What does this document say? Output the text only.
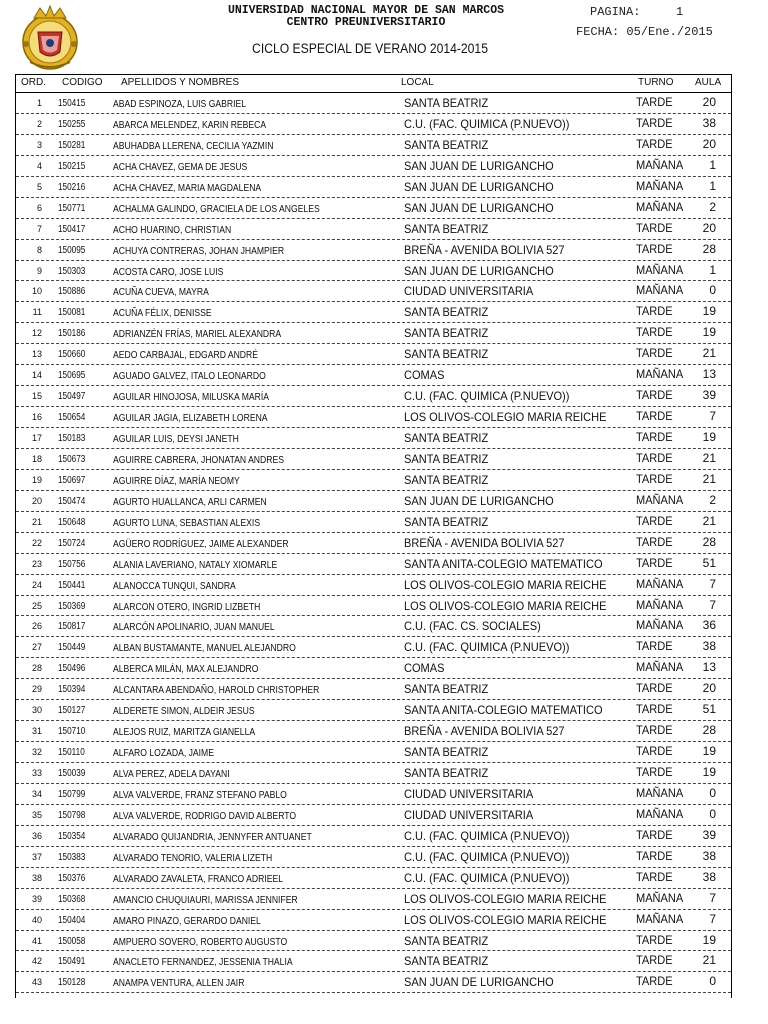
UNIVERSIDAD NACIONAL MAYOR DE SAN MARCOS
CENTRO PREUNIVERSITARIO
CICLO ESPECIAL DE VERANO 2014-2015
PAGINA:	1
FECHA: 05/Ene./2015
ORD. CODIGO APELLIDOS Y NOMBRES	LOCAL	TURNO AULA
1 150415	ABAD ESPINOZA, LUIS GABRIEL	SANTA BEATRIZ	TARDE	20
2 150255	ABARCA MELENDEZ, KARIN REBECA	C.U. (FAC. QUIMICA (P.NUEVO))	TARDE	38
3 150281	ABUHADBA LLERENA, CECILIA YAZMIN	SANTA BEATRIZ	TARDE	20
4 150215	ACHA CHAVEZ, GEMA DE JESUS	SAN JUAN DE LURIGANCHO	MAÑANA	1
5 150216	ACHA CHAVEZ, MARIA MAGDALENA	SAN JUAN DE LURIGANCHO	MAÑANA	1
6 150771	ACHALMA GALINDO, GRACIELA DE LOS ANGELES	SAN JUAN DE LURIGANCHO	MAÑANA	2
7 150417	ACHO HUARINO, CHRISTIAN	SANTA BEATRIZ	TARDE	20
8 150095	ACHUYA CONTRERAS, JOHAN JHAMPIER	BREÑA - AVENIDA BOLIVIA 527	TARDE	28
9 150303	ACOSTA CARO, JOSE LUIS	SAN JUAN DE LURIGANCHO	MAÑANA	1
10 150886	ACUÑA CUEVA, MAYRA	CIUDAD UNIVERSITARIA	MAÑANA	0
11 150081	ACUÑA FÉLIX, DENISSE	SANTA BEATRIZ	TARDE	19
12 150186	ADRIANZÉN FRÍAS, MARIEL ALEXANDRA	SANTA BEATRIZ	TARDE	19
13 150660	AEDO CARBAJAL, EDGARD ANDRÉ	SANTA BEATRIZ	TARDE	21
14 150695	AGUADO GALVEZ, ITALO LEONARDO	COMAS	MAÑANA	13
15 150497	AGUILAR HINOJOSA, MILUSKA MARÍA	C.U. (FAC. QUIMICA (P.NUEVO))	TARDE	39
16 150654	AGUILAR JAGIA, ELIZABETH LORENA	LOS OLIVOS-COLEGIO MARIA REICHE TARDE	7
17 150183	AGUILAR LUIS, DEYSI JANETH	SANTA BEATRIZ	TARDE	19
18 150673	AGUIRRE CABRERA, JHONATAN ANDRES	SANTA BEATRIZ	TARDE	21
19 150697	AGUIRRE DÍAZ, MARÍA NEOMY	SANTA BEATRIZ	TARDE	21
20 150474	AGURTO HUALLANCA, ARLI CARMEN	SAN JUAN DE LURIGANCHO	MAÑANA	2
21 150648	AGURTO LUNA, SEBASTIAN ALEXIS	SANTA BEATRIZ	TARDE	21
22 150724	AGÜERO RODRÍGUEZ, JAIME ALEXANDER	BREÑA - AVENIDA BOLIVIA 527	TARDE	28
23 150756	ALANIA LAVERIANO, NATALY XIOMARLE	SANTA ANITA-COLEGIO MATEMATICO	TARDE	51
24 150441	ALANOCCA TUNQUI, SANDRA	LOS OLIVOS-COLEGIO MARIA REICHE MAÑANA	7
25 150369	ALARCON OTERO, INGRID LIZBETH	LOS OLIVOS-COLEGIO MARIA REICHE MAÑANA	7
26 150817	ALARCÓN APOLINARIO, JUAN MANUEL	C.U. (FAC. CS. SOCIALES)	MAÑANA	36
27 150449	ALBAN BUSTAMANTE, MANUEL ALEJANDRO	C.U. (FAC. QUIMICA (P.NUEVO))	TARDE	38
28 150496	ALBERCA MILÁN, MAX ALEJANDRO	COMAS	MAÑANA	13
29 150394	ALCANTARA ABENDAÑO, HAROLD CHRISTOPHER	SANTA BEATRIZ	TARDE	20
30 150127	ALDERETE SIMON, ALDEIR JESUS	SANTA ANITA-COLEGIO MATEMATICO	TARDE	51
31 150710	ALEJOS RUIZ, MARITZA GIANELLA	BREÑA - AVENIDA BOLIVIA 527	TARDE	28
32 150110	ALFARO LOZADA, JAIME	SANTA BEATRIZ	TARDE	19
33 150039	ALVA PEREZ, ADELA DAYANI	SANTA BEATRIZ	TARDE	19
34 150799	ALVA VALVERDE, FRANZ STEFANO PABLO	CIUDAD UNIVERSITARIA	MAÑANA	0
35 150798	ALVA VALVERDE, RODRIGO DAVID ALBERTO	CIUDAD UNIVERSITARIA	MAÑANA	0
36 150354	ALVARADO QUIJANDRIA, JENNYFER ANTUANET	C.U. (FAC. QUIMICA (P.NUEVO))	TARDE	39
37 150383	ALVARADO TENORIO, VALERIA LIZETH	C.U. (FAC. QUIMICA (P.NUEVO))	TARDE	38
38 150376	ALVARADO ZAVALETA, FRANCO ADRIEEL	C.U. (FAC. QUIMICA (P.NUEVO))	TARDE	38
39 150368	AMANCIO CHUQUIAURI, MARISSA JENNIFER	LOS OLIVOS-COLEGIO MARIA REICHE MAÑANA	7
40 150404	AMARO PINAZO, GERARDO DANIEL	LOS OLIVOS-COLEGIO MARIA REICHE MAÑANA	7
41 150058	AMPUERO SOVERO, ROBERTO AUGUSTO	SANTA BEATRIZ	TARDE	19
42 150491	ANACLETO FERNANDEZ, JESSENIA THALIA	SANTA BEATRIZ	TARDE	21
43 150128	ANAMPA VENTURA, ALLEN JAIR	SAN JUAN DE LURIGANCHO	TARDE	0
